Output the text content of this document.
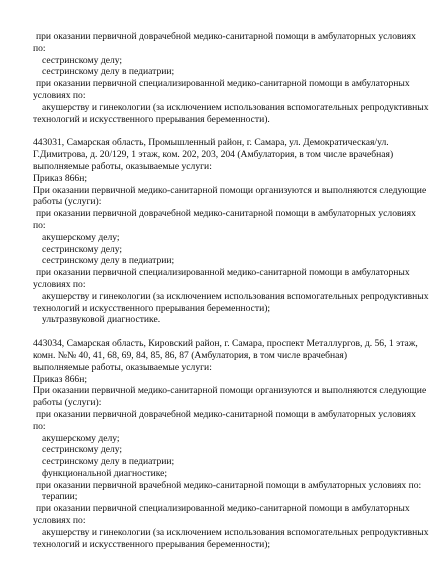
при оказании первичной доврачебной медико-санитарной помощи в амбулаторных условиях
по:
сестринскому делу;
сестринскому делу в педиатрии;
при оказании первичной специализированной медико-санитарной помощи в амбулаторных
условиях по:
акушерству и гинекологии (за исключением использования вспомогательных репродуктивных
технологий и искусственного прерывания беременности).
443031, Самарская область, Промышленный район, г. Самара, ул. Демократическая/ул.
Г.Димитрова, д. 20/129, 1 этаж, ком. 202, 203, 204 (Амбулатория, в том числе врачебная)
выполняемые работы, оказываемые услуги:
Приказ 866н;
При оказании первичной медико-санитарной помощи организуются и выполняются следующие
работы (услуги):
при оказании первичной доврачебной медико-санитарной помощи в амбулаторных условиях
по:
акушерскому делу;
сестринскому делу;
сестринскому делу в педиатрии;
при оказании первичной специализированной медико-санитарной помощи в амбулаторных
условиях по:
акушерству и гинекологии (за исключением использования вспомогательных репродуктивных
технологий и искусственного прерывания беременности);
ультразвуковой диагностике.
443034, Самарская область, Кировский район, г. Самара, проспект Металлургов, д. 56, 1 этаж,
комн. №№ 40, 41, 68, 69, 84, 85, 86, 87 (Амбулатория, в том числе врачебная)
выполняемые работы, оказываемые услуги:
Приказ 866н;
При оказании первичной медико-санитарной помощи организуются и выполняются следующие
работы (услуги):
при оказании первичной доврачебной медико-санитарной помощи в амбулаторных условиях
по:
акушерскому делу;
сестринскому делу;
сестринскому делу в педиатрии;
функциональной диагностике;
при оказании первичной врачебной медико-санитарной помощи в амбулаторных условиях по:
терапии;
при оказании первичной специализированной медико-санитарной помощи в амбулаторных
условиях по:
акушерству и гинекологии (за исключением использования вспомогательных репродуктивных
технологий и искусственного прерывания беременности);
